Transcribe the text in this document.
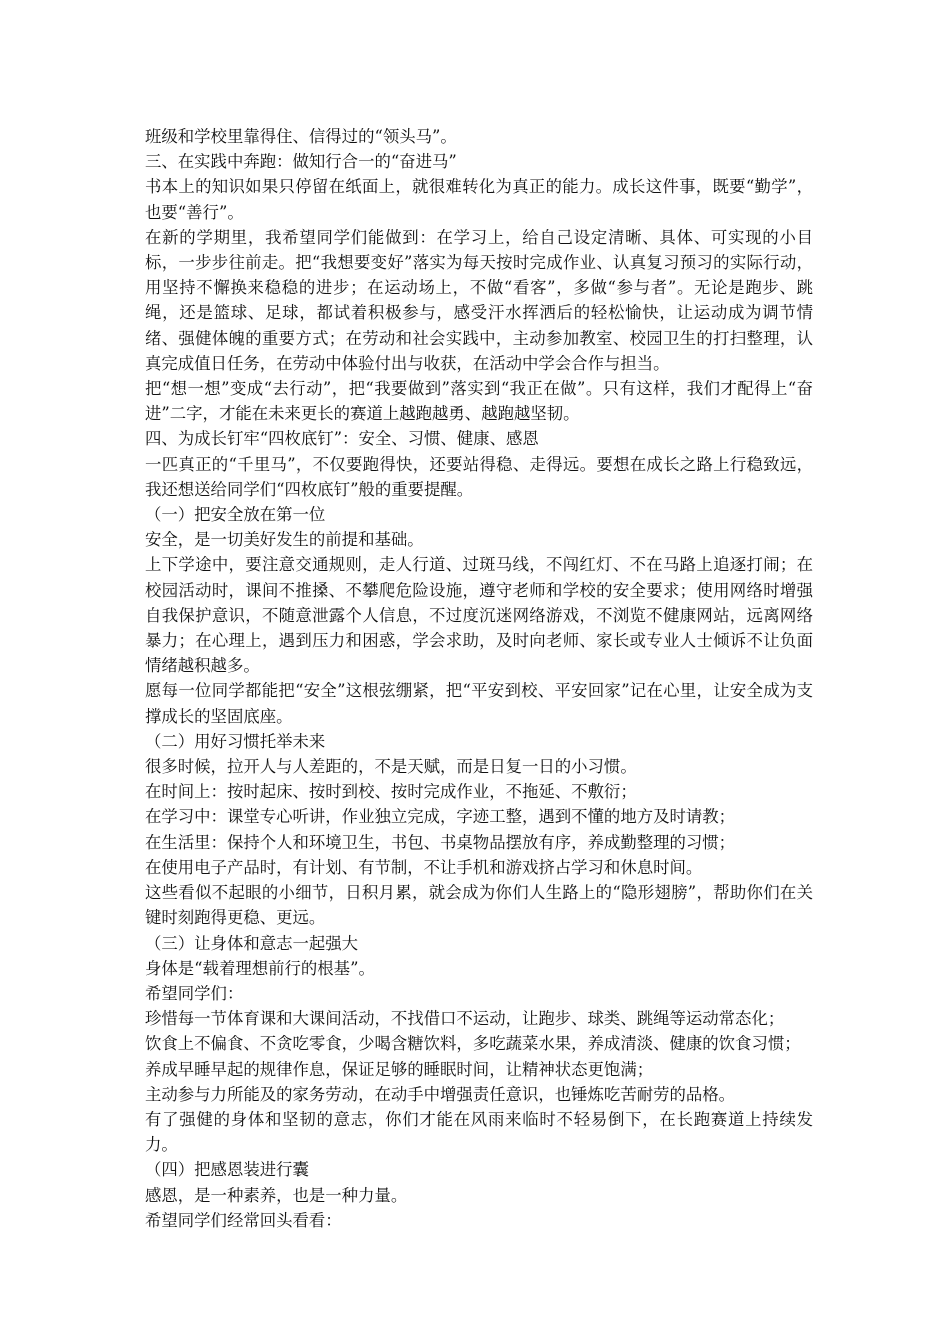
班级和学校里靠得住、信得过的“领头马”。

三、在实践中奔跑：做知行合一的“奋进马”

书本上的知识如果只停留在纸面上，就很难转化为真正的能力。成长这件事，既要“勤学”，也要“善行”。

在新的学期里，我希望同学们能做到：在学习上，给自己设定清晰、具体、可实现的小目标，一步步往前走。把“我想要变好”落实为每天按时完成作业、认真复习预习的实际行动，用坚持不懈换来稳稳的进步；在运动场上，不做“看客”，多做“参与者”。无论是跑步、跳绳，还是篮球、足球，都试着积极参与，感受汗水挥洒后的轻松愉快，让运动成为调节情绪、强健体魄的重要方式；在劳动和社会实践中，主动参加教室、校园卫生的打扫整理，认真完成值日任务，在劳动中体验付出与收获，在活动中学会合作与担当。

把“想一想”变成“去行动”，把“我要做到”落实到“我正在做”。只有这样，我们才配得上“奋进”二字，才能在未来更长的赛道上越跑越勇、越跑越坚韧。

四、为成长钉牢“四枚底钉”：安全、习惯、健康、感恩

一匹真正的“千里马”，不仅要跑得快，还要站得稳、走得远。要想在成长之路上行稳致远，我还想送给同学们“四枚底钉”般的重要提醒。

（一）把安全放在第一位

安全，是一切美好发生的前提和基础。

上下学途中，要注意交通规则，走人行道、过斑马线，不闯红灯、不在马路上追逐打闹；在校园活动时，课间不推搡、不攀爬危险设施，遵守老师和学校的安全要求；使用网络时增强自我保护意识，不随意泄露个人信息，不过度沉迷网络游戏，不浏览不健康网站，远离网络暴力；在心理上，遇到压力和困惑，学会求助，及时向老师、家长或专业人士倾诉不让负面情绪越积越多。

愿每一位同学都能把“安全”这根弦绷紧，把“平安到校、平安回家”记在心里，让安全成为支撑成长的坚固底座。

（二）用好习惯托举未来

很多时候，拉开人与人差距的，不是天赋，而是日复一日的小习惯。

在时间上：按时起床、按时到校、按时完成作业，不拖延、不敷衍；

在学习中：课堂专心听讲，作业独立完成，字迹工整，遇到不懂的地方及时请教；

在生活里：保持个人和环境卫生，书包、书桌物品摆放有序，养成勤整理的习惯；

在使用电子产品时，有计划、有节制，不让手机和游戏挤占学习和休息时间。

这些看似不起眼的小细节，日积月累，就会成为你们人生路上的“隐形翅膀”，帮助你们在关键时刻跑得更稳、更远。

（三）让身体和意志一起强大

身体是“载着理想前行的根基”。

希望同学们：

珍惜每一节体育课和大课间活动，不找借口不运动，让跑步、球类、跳绳等运动常态化；

饮食上不偏食、不贪吃零食，少喝含糖饮料，多吃蔬菜水果，养成清淡、健康的饮食习惯；

养成早睡早起的规律作息，保证足够的睡眠时间，让精神状态更饱满；

主动参与力所能及的家务劳动，在动手中增强责任意识，也锤炼吃苦耐劳的品格。

有了强健的身体和坚韧的意志，你们才能在风雨来临时不轻易倒下，在长跑赛道上持续发力。

（四）把感恩装进行囊

感恩，是一种素养，也是一种力量。

希望同学们经常回头看看：
